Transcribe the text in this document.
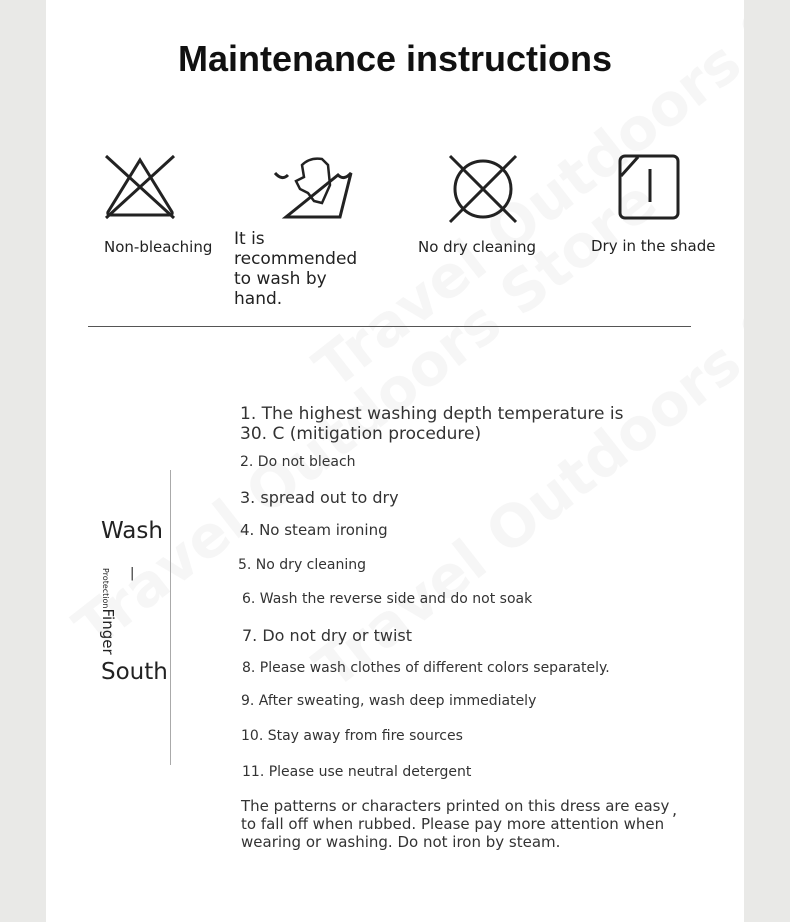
Maintenance instructions
Non-bleaching It is recommended to wash by hand.
No dry cleaning	Dry in the shade
Wash
|
ProtectionFinger
South
1. The highest washing depth temperature is 30. C (mitigation procedure)
2. Do not bleach
3. spread out to dry
4. No steam ironing
5. No dry cleaning
6. Wash the reverse side and do not soak
7. Do not dry or twist
8. Please wash clothes of different colors separately.
9. After sweating, wash deep immediately
10. Stay away from fire sources
11. Please use neutral detergent
The patterns or characters printed on this dress are easy to fall off when rubbed. Please pay more attention when wearing or washing. Do not iron by steam.
,
